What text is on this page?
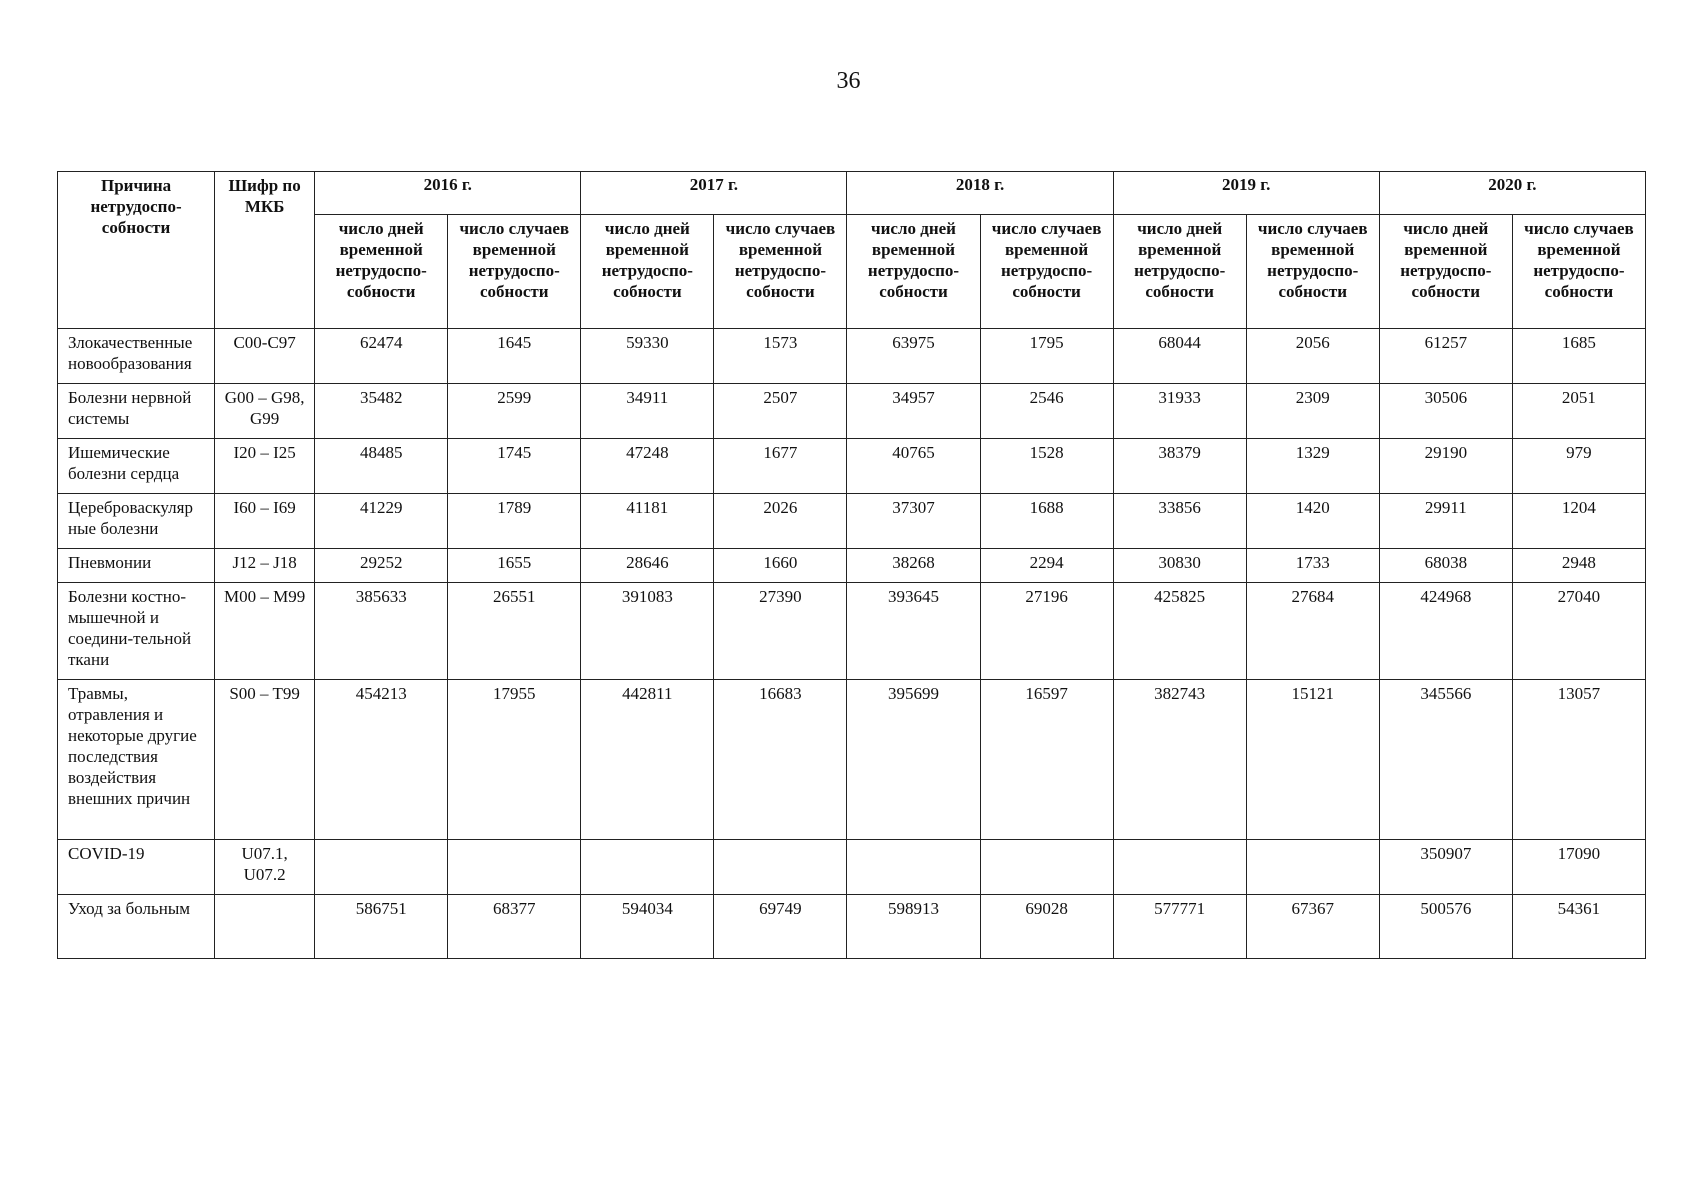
36
Причина нетрудоспо-собности	Шифр по МКБ	2016 г.		2017 г.		2018 г.		2019 г.		2020 г.	
		число дней временной нетрудоспо-собности	число случаев временной нетрудоспо-собности	число дней временной нетрудоспо-собности	число случаев временной нетрудоспо-собности	число дней временной нетрудоспо-собности	число случаев временной нетрудоспо-собности	число дней временной нетрудоспо-собности	число случаев временной нетрудоспо-собности	число дней временной нетрудоспо-собности	число случаев временной нетрудоспо-собности
Злокачественные новообразования	C00-C97	62474	1645	59330	1573	63975	1795	68044	2056	61257	1685
Болезни нервной системы	G00 – G98, G99	35482	2599	34911	2507	34957	2546	31933	2309	30506	2051
Ишемические болезни сердца	I20 – I25	48485	1745	47248	1677	40765	1528	38379	1329	29190	979
Цереброваскуляр ные болезни	I60 – I69	41229	1789	41181	2026	37307	1688	33856	1420	29911	1204
Пневмонии	J12 – J18	29252	1655	28646	1660	38268	2294	30830	1733	68038	2948
Болезни костно-мышечной и соедини-тельной ткани	M00 – M99	385633	26551	391083	27390	393645	27196	425825	27684	424968	27040
Травмы, отравления и некоторые другие последствия воздействия внешних причин	S00 – T99	454213	17955	442811	16683	395699	16597	382743	15121	345566	13057
COVID-19	U07.1, U07.2									350907	17090
Уход за больным		586751	68377	594034	69749	598913	69028	577771	67367	500576	54361
